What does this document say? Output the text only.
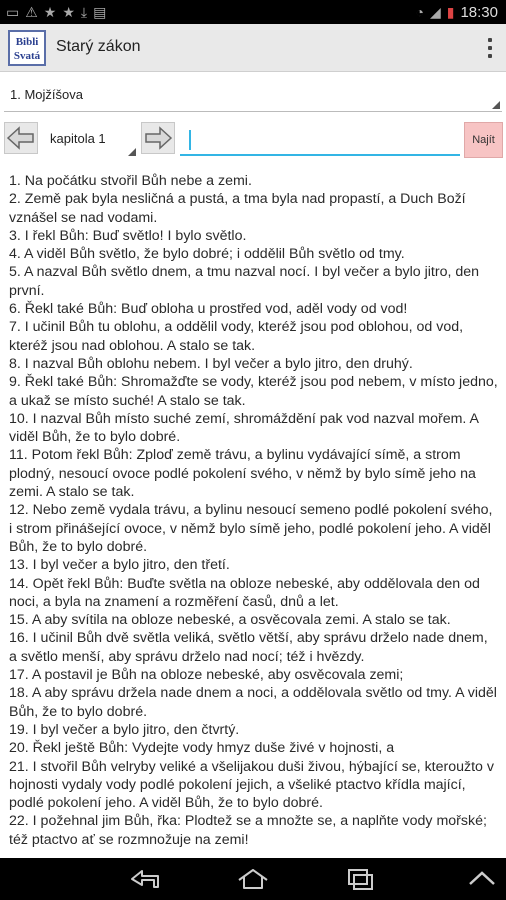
▭ ⚠ ★ ★ ⤓ ▤	◔ ◢ ▮ 18:30
Bibli
Svatá
Starý zákon
1. Mojžíšova
kapitola 1	Najít
1. Na počátku stvořil Bůh nebe a zemi.
2. Země pak byla nesličná a pustá, a tma byla nad propastí, a Duch Boží vznášel se nad vodami.
3. I řekl Bůh: Buď světlo! I bylo světlo.
4. A viděl Bůh světlo, že bylo dobré; i oddělil Bůh světlo od tmy.
5. A nazval Bůh světlo dnem, a tmu nazval nocí. I byl večer a bylo jitro, den první.
6. Řekl také Bůh: Buď obloha u prostřed vod, aděl vody od vod!
7. I učinil Bůh tu oblohu, a oddělil vody, kteréž jsou pod oblohou, od vod, kteréž jsou nad oblohou. A stalo se tak.
8. I nazval Bůh oblohu nebem. I byl večer a bylo jitro, den druhý.
9. Řekl také Bůh: Shromažďte se vody, kteréž jsou pod nebem, v místo jedno, a ukaž se místo suché! A stalo se tak.
10. I nazval Bůh místo suché zemí, shromáždění pak vod nazval mořem. A viděl Bůh, že to bylo dobré.
11. Potom řekl Bůh: Zploď země trávu, a bylinu vydávající símě, a strom plodný, nesoucí ovoce podlé pokolení svého, v němž by bylo símě jeho na zemi. A stalo se tak.
12. Nebo země vydala trávu, a bylinu nesoucí semeno podlé pokolení svého, i strom přinášející ovoce, v němž bylo símě jeho, podlé pokolení jeho. A viděl Bůh, že to bylo dobré.
13. I byl večer a bylo jitro, den třetí.
14. Opět řekl Bůh: Buďte světla na obloze nebeské, aby oddělovala den od noci, a byla na znamení a rozměření časů, dnů a let.
15. A aby svítila na obloze nebeské, a osvěcovala zemi. A stalo se tak.
16. I učinil Bůh dvě světla veliká, světlo větší, aby správu drželo nade dnem, a světlo menší, aby správu drželo nad nocí; též i hvězdy.
17. A postavil je Bůh na obloze nebeské, aby osvěcovala zemi;
18. A aby správu držela nade dnem a noci, a oddělovala světlo od tmy. A viděl Bůh, že to bylo dobré.
19. I byl večer a bylo jitro, den čtvrtý.
20. Řekl ještě Bůh: Vydejte vody hmyz duše živé v hojnosti, a
21. I stvořil Bůh velryby veliké a všelijakou duši živou, hýbající se, kteroužto v hojnosti vydaly vody podlé pokolení jejich, a všeliké ptactvo křídla mající, podlé pokolení jeho. A viděl Bůh, že to bylo dobré.
22. I požehnal jim Bůh, řka: Plodtež se a množte se, a naplňte vody mořské; též ptactvo ať se rozmnožuje na zemi!
